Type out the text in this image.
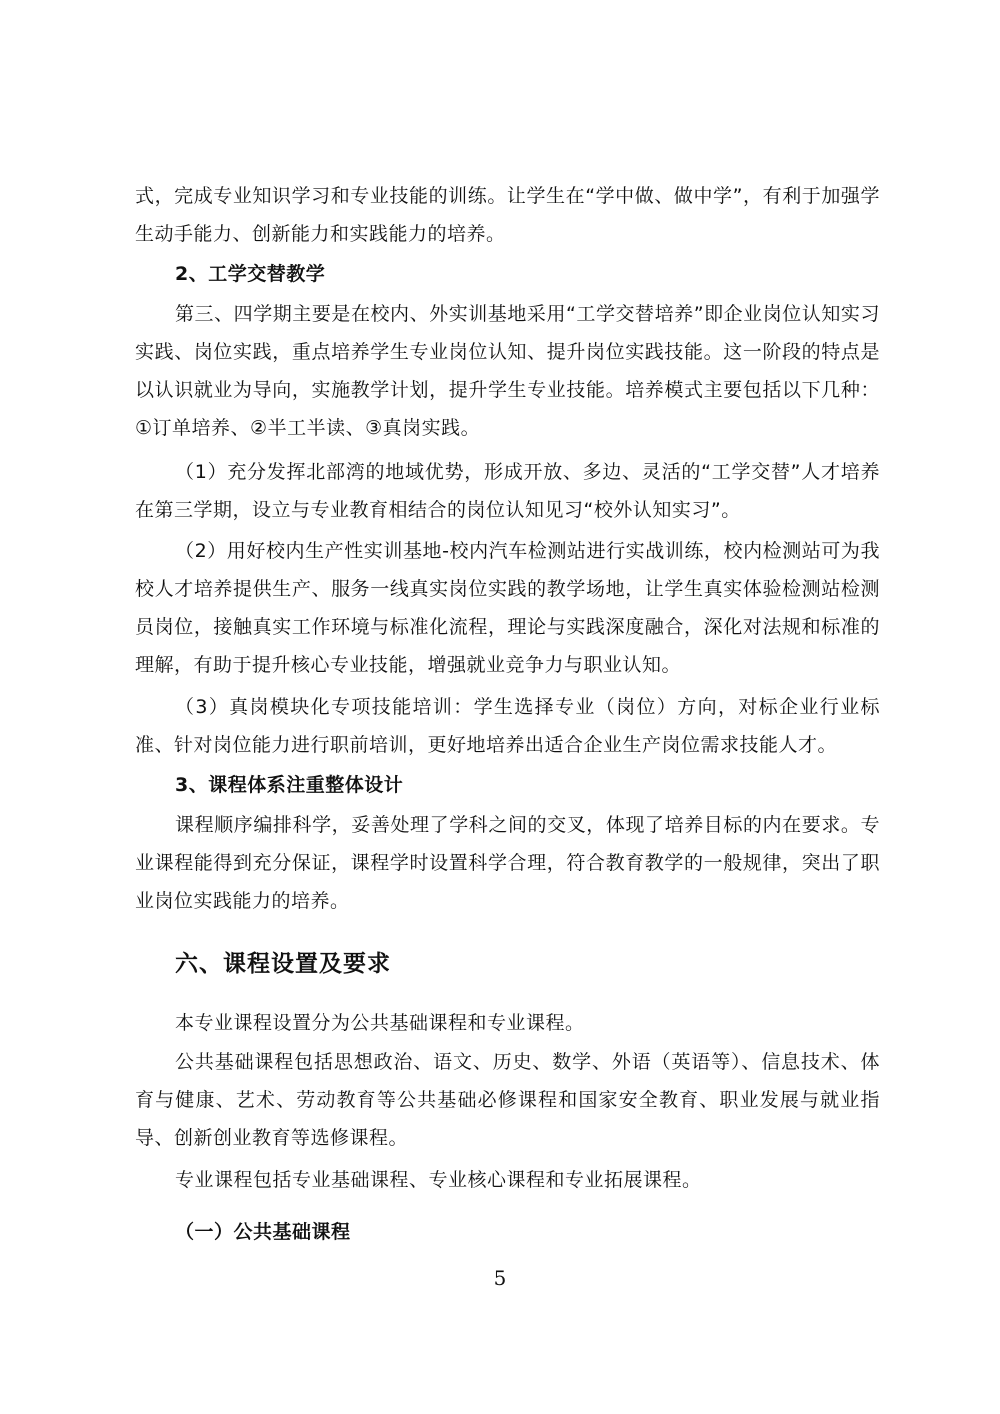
式，完成专业知识学习和专业技能的训练。让学生在“学中做、做中学”，有利于加强学生动手能力、创新能力和实践能力的培养。

2、工学交替教学

第三、四学期主要是在校内、外实训基地采用“工学交替培养”即企业岗位认知实习实践、岗位实践，重点培养学生专业岗位认知、提升岗位实践技能。这一阶段的特点是以认识就业为导向，实施教学计划，提升学生专业技能。培养模式主要包括以下几种：①订单培养、②半工半读、③真岗实践。

（1）充分发挥北部湾的地域优势，形成开放、多边、灵活的“工学交替”人才培养在第三学期，设立与专业教育相结合的岗位认知见习“校外认知实习”。

（2）用好校内生产性实训基地-校内汽车检测站进行实战训练，校内检测站可为我校人才培养提供生产、服务一线真实岗位实践的教学场地，让学生真实体验检测站检测员岗位，接触真实工作环境与标准化流程，理论与实践深度融合，深化对法规和标准的理解，有助于提升核心专业技能，增强就业竞争力与职业认知。

（3）真岗模块化专项技能培训：学生选择专业（岗位）方向，对标企业行业标准、针对岗位能力进行职前培训，更好地培养出适合企业生产岗位需求技能人才。

3、课程体系注重整体设计

课程顺序编排科学，妥善处理了学科之间的交叉，体现了培养目标的内在要求。专业课程能得到充分保证，课程学时设置科学合理，符合教育教学的一般规律，突出了职业岗位实践能力的培养。

六、课程设置及要求

本专业课程设置分为公共基础课程和专业课程。

公共基础课程包括思想政治、语文、历史、数学、外语（英语等）、信息技术、体育与健康、艺术、劳动教育等公共基础必修课程和国家安全教育、职业发展与就业指导、创新创业教育等选修课程。

专业课程包括专业基础课程、专业核心课程和专业拓展课程。

（一）公共基础课程

5
